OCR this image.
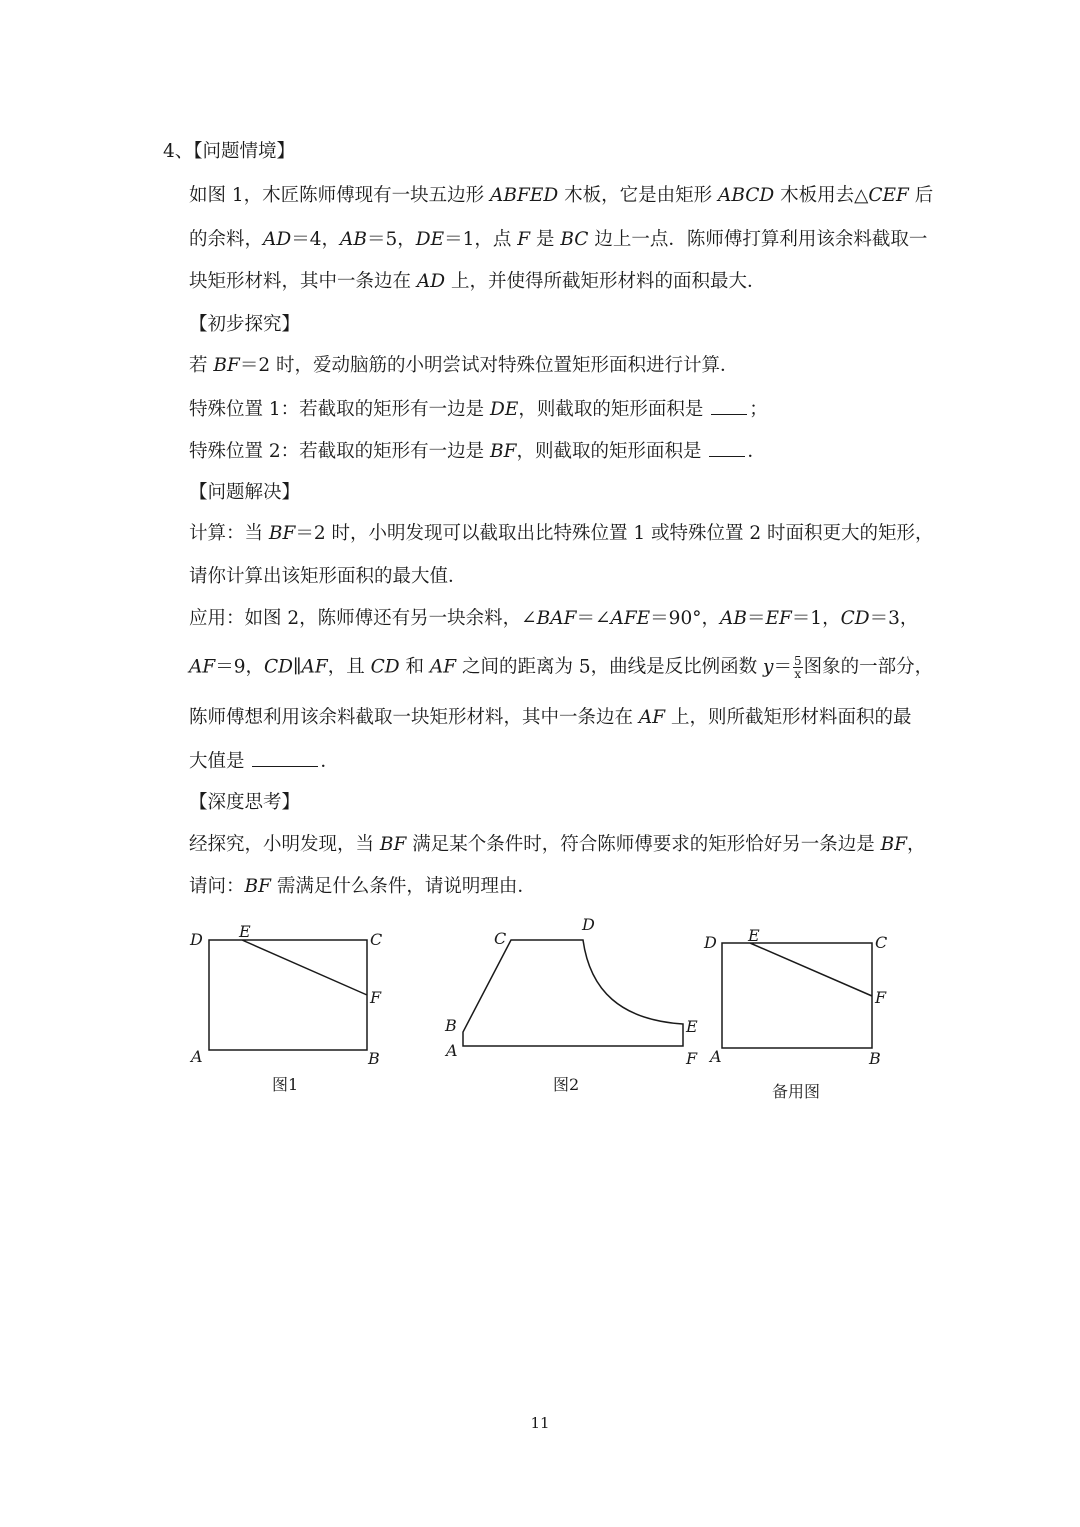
4、【问题情境】
如图 1，木匠陈师傅现有一块五边形 ABFED 木板，它是由矩形 ABCD 木板用去△CEF 后
的余料，AD＝4，AB＝5，DE＝1，点 F 是 BC 边上一点．陈师傅打算利用该余料截取一
块矩形材料，其中一条边在 AD 上，并使得所截矩形材料的面积最大．
【初步探究】
若 BF＝2 时，爱动脑筋的小明尝试对特殊位置矩形面积进行计算．
特殊位置 1：若截取的矩形有一边是 DE，则截取的矩形面积是 ；
特殊位置 2：若截取的矩形有一边是 BF，则截取的矩形面积是 ．
【问题解决】
计算：当 BF＝2 时，小明发现可以截取出比特殊位置 1 或特殊位置 2 时面积更大的矩形，
请你计算出该矩形面积的最大值．
应用：如图 2，陈师傅还有另一块余料，∠BAF＝∠AFE＝90°，AB＝EF＝1，CD＝3，
AF＝9，CD∥AF，且 CD 和 AF 之间的距离为 5，曲线是反比例函数 $y= \frac{5}{x}$ 图象的一部分，
陈师傅想利用该余料截取一块矩形材料，其中一条边在 AF 上，则所截矩形材料面积的最
大值是	．
【深度思考】
经探究，小明发现，当 BF 满足某个条件时，符合陈师傅要求的矩形恰好另一条边是 BF，
请问：BF 需满足什么条件，请说明理由．
D E	C
F
A	B
图1
C
D
B
A
E
F
图2
D E	C
F
A	B
备用图
11
